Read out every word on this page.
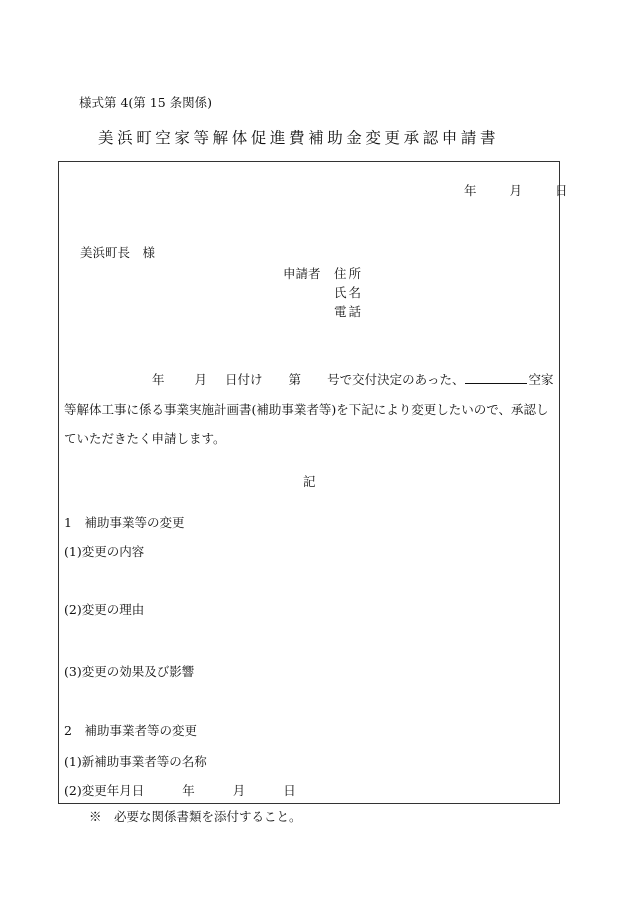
様式第 4(第 15 条関係)
美浜町空家等解体促進費補助金変更承認申請書
年	月	日
美浜町長　様
申請者 住所
氏名
電話
年 月 日付け 第 号で交付決定のあった、	空家
等解体工事に係る事業実施計画書(補助事業者等)を下記により変更したいので、承認し
ていただきたく申請します。
記
1　補助事業等の変更
(1)変更の内容
(2)変更の理由
(3)変更の効果及び影響
2　補助事業者等の変更
(1)新補助事業者等の名称
(2)変更年月日	年	月	日
※　必要な関係書類を添付すること。
